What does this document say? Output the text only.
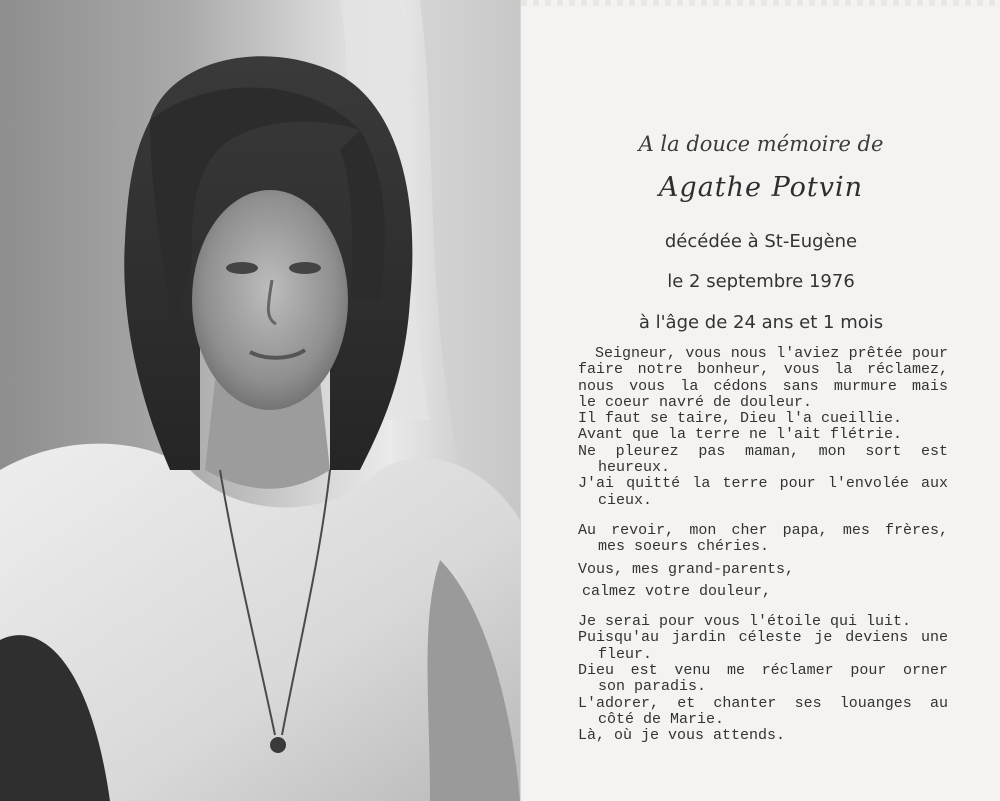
A la douce mémoire de
Agathe Potvin
décédée à St-Eugène
le 2 septembre 1976
à l'âge de 24 ans et 1 mois
Seigneur, vous nous l'aviez prêtée pour
faire notre bonheur, vous la réclamez,
nous vous la cédons sans murmure mais
le coeur navré de douleur.
Il faut se taire, Dieu l'a cueillie.
Avant que la terre ne l'ait flétrie.
Ne pleurez pas maman, mon sort est
heureux.
J'ai quitté la terre pour l'envolée aux
cieux.
Au revoir, mon cher papa, mes frères,
mes soeurs chéries.
Vous, mes grand-parents,
calmez votre douleur,
Je serai pour vous l'étoile qui luit.
Puisqu'au jardin céleste je deviens une
fleur.
Dieu est venu me réclamer pour orner
son paradis.
L'adorer, et chanter ses louanges au
côté de Marie.
Là, où je vous attends.
